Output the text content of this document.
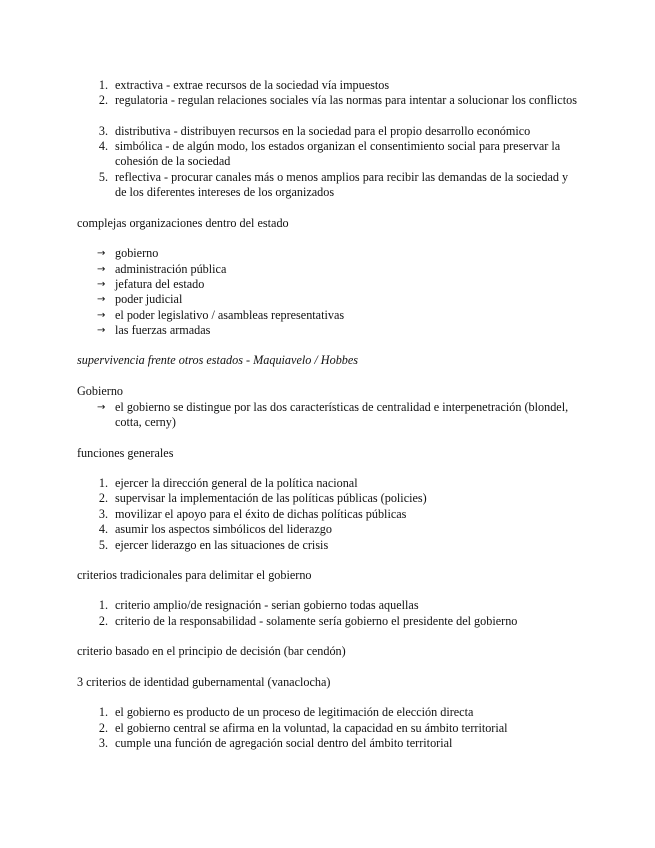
1. extractiva - extrae recursos de la sociedad vía impuestos
2. regulatoria - regulan relaciones sociales vía las normas para intentar a solucionar los conflictos
3. distributiva - distribuyen recursos en la sociedad para el propio desarrollo económico
4. simbólica - de algún modo, los estados organizan el consentimiento social para preservar la cohesión de la sociedad
5. reflectiva - procurar canales más o menos amplios para recibir las demandas de la sociedad y de los diferentes intereses de los organizados
complejas organizaciones dentro del estado
→ gobierno
→ administración pública
→ jefatura del estado
→ poder judicial
→ el poder legislativo / asambleas representativas
→ las fuerzas armadas
supervivencia frente otros estados - Maquiavelo / Hobbes
Gobierno
→ el gobierno se distingue por las dos características de centralidad e interpenetración (blondel, cotta, cerny)
funciones generales
1. ejercer la dirección general de la política nacional
2. supervisar la implementación de las políticas públicas (policies)
3. movilizar el apoyo para el éxito de dichas políticas públicas
4. asumir los aspectos simbólicos del liderazgo
5. ejercer liderazgo en las situaciones de crisis
criterios tradicionales para delimitar el gobierno
1. criterio amplio/de resignación - serian gobierno todas aquellas
2. criterio de la responsabilidad - solamente sería gobierno el presidente del gobierno
criterio basado en el principio de decisión (bar cendón)
3 criterios de identidad gubernamental (vanaclocha)
1. el gobierno es producto de un proceso de legitimación de elección directa
2. el gobierno central se afirma en la voluntad, la capacidad en su ámbito territorial
3. cumple una función de agregación social dentro del ámbito territorial
